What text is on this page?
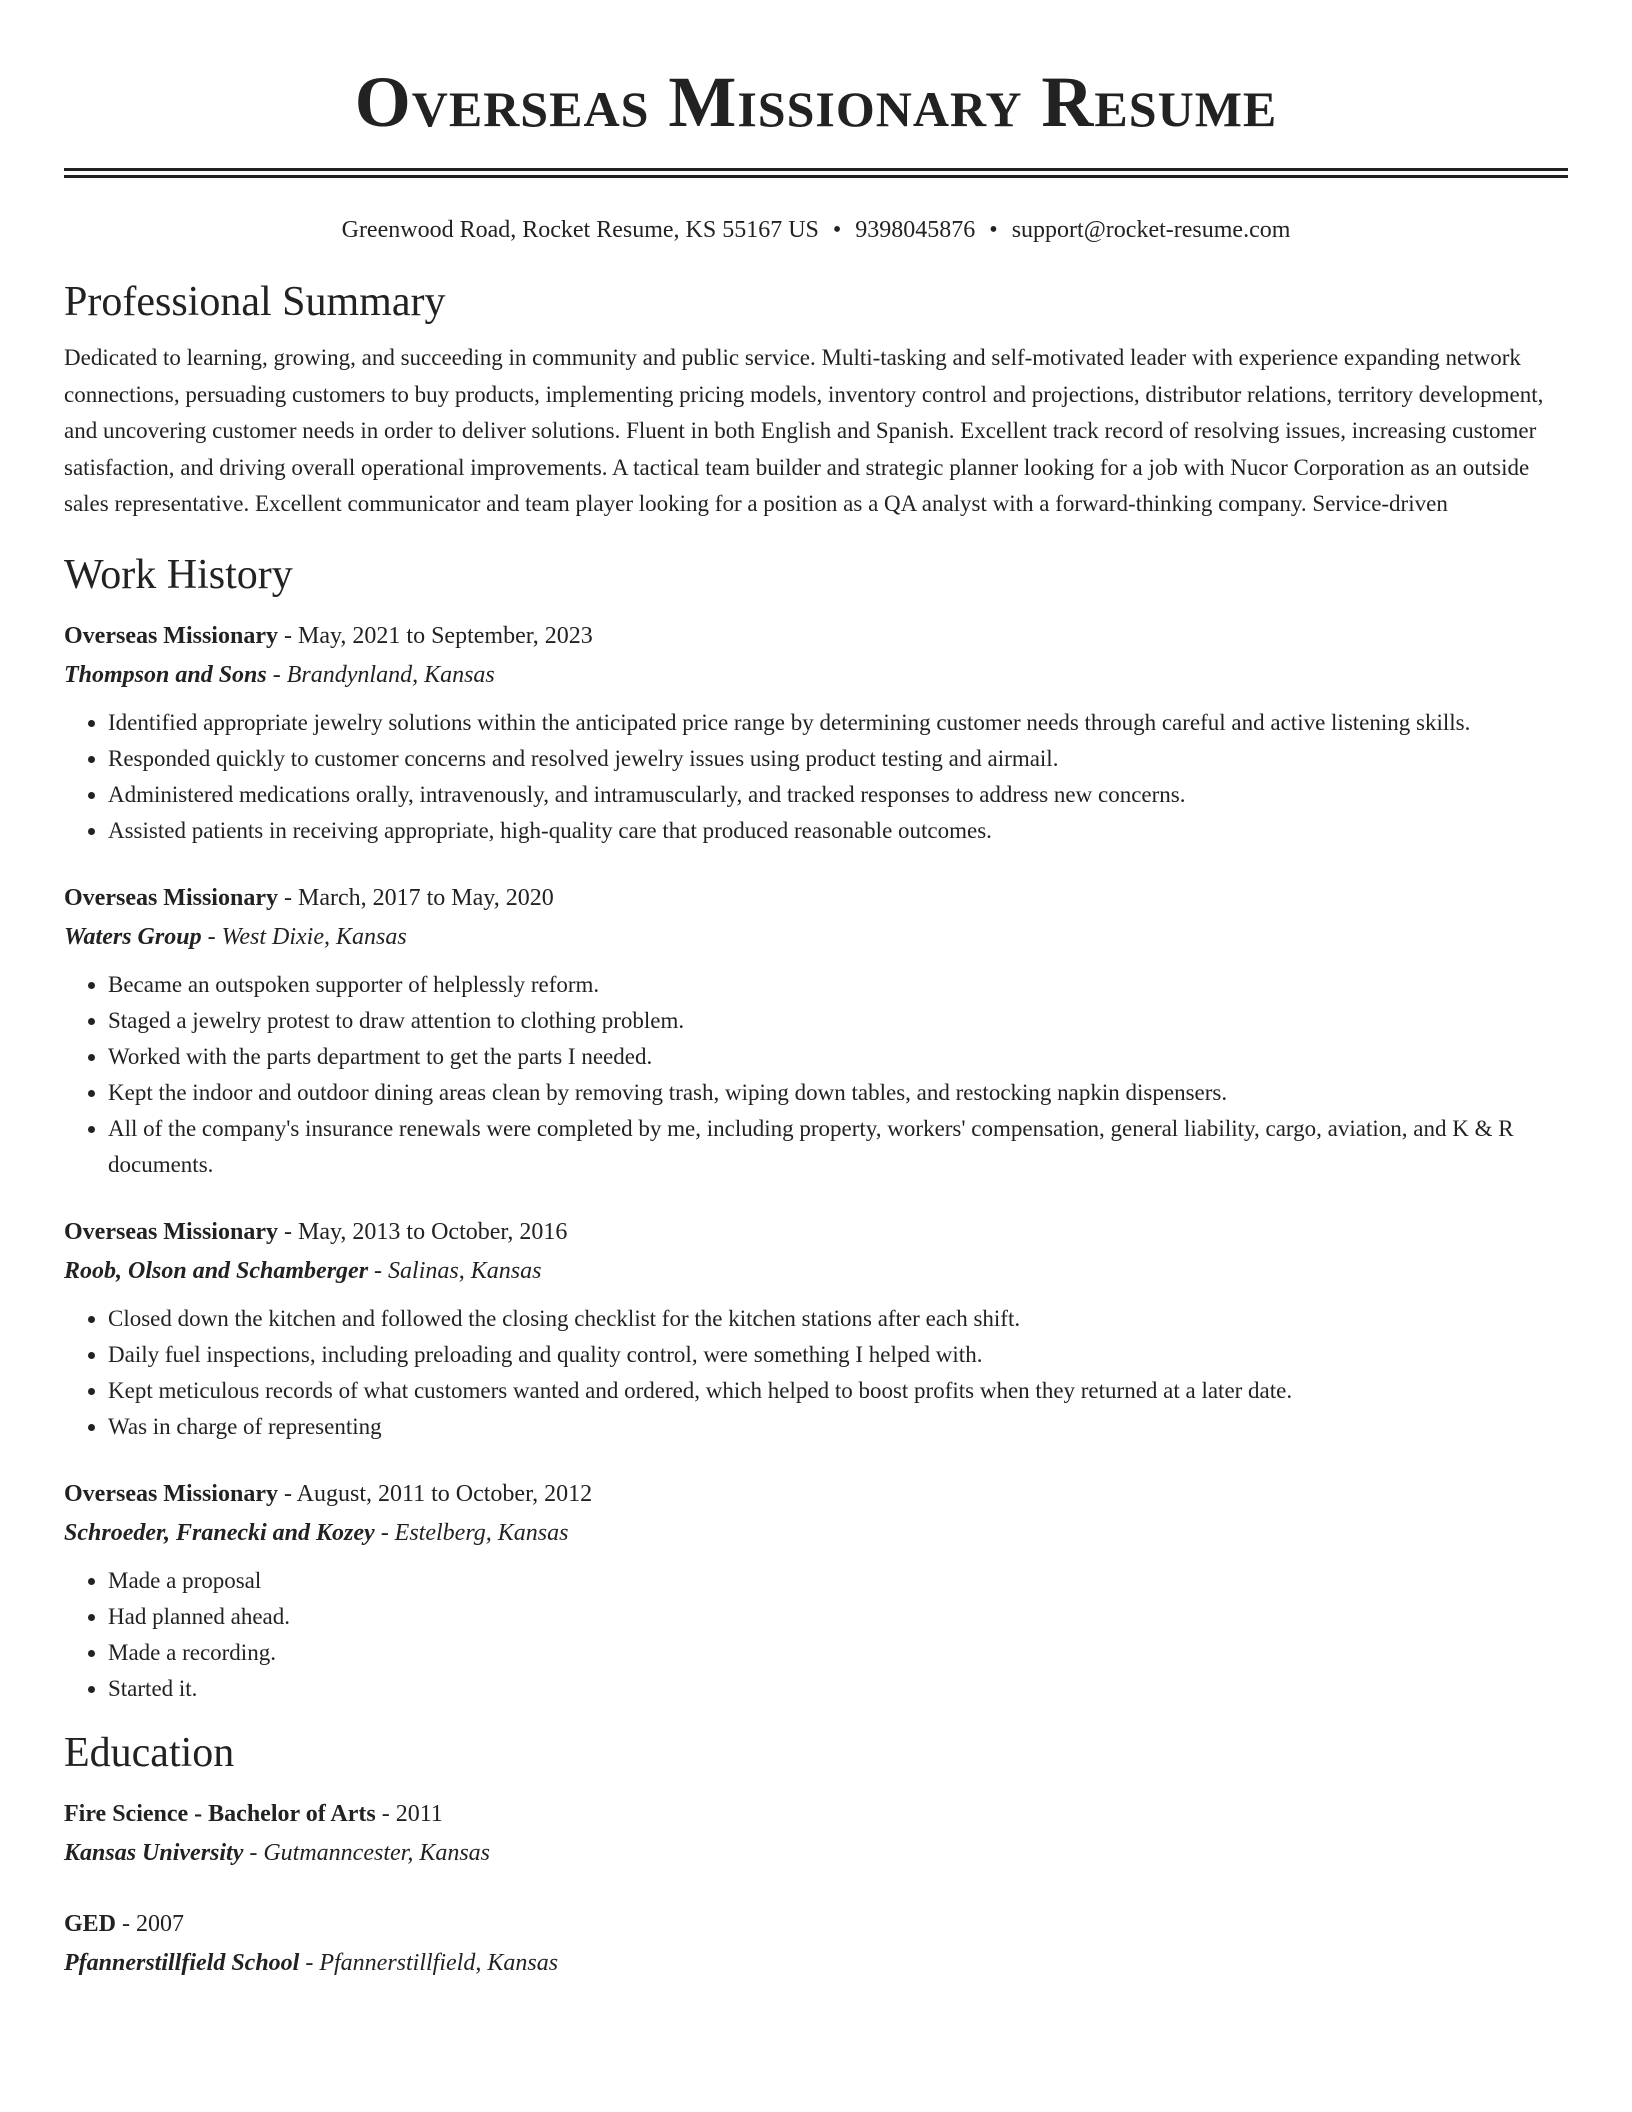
Overseas Missionary Resume
Greenwood Road, Rocket Resume, KS 55167 US • 9398045876 • support@rocket-resume.com
Professional Summary

Dedicated to learning, growing, and succeeding in community and public service. Multi-tasking and self-motivated leader with experience expanding network connections, persuading customers to buy products, implementing pricing models, inventory control and projections, distributor relations, territory development, and uncovering customer needs in order to deliver solutions. Fluent in both English and Spanish. Excellent track record of resolving issues, increasing customer satisfaction, and driving overall operational improvements. A tactical team builder and strategic planner looking for a job with Nucor Corporation as an outside sales representative. Excellent communicator and team player looking for a position as a QA analyst with a forward-thinking company. Service-driven

Work History
Overseas Missionary - May, 2021 to September, 2023
Thompson and Sons - Brandynland, Kansas
• Identified appropriate jewelry solutions within the anticipated price range by determining customer needs through careful and active listening skills.
• Responded quickly to customer concerns and resolved jewelry issues using product testing and airmail.
• Administered medications orally, intravenously, and intramuscularly, and tracked responses to address new concerns.
• Assisted patients in receiving appropriate, high-quality care that produced reasonable outcomes.
Overseas Missionary - March, 2017 to May, 2020
Waters Group - West Dixie, Kansas
• Became an outspoken supporter of helplessly reform.
• Staged a jewelry protest to draw attention to clothing problem.
• Worked with the parts department to get the parts I needed.
• Kept the indoor and outdoor dining areas clean by removing trash, wiping down tables, and restocking napkin dispensers.
• All of the company's insurance renewals were completed by me, including property, workers' compensation, general liability, cargo, aviation, and K & R documents.
Overseas Missionary - May, 2013 to October, 2016
Roob, Olson and Schamberger - Salinas, Kansas
• Closed down the kitchen and followed the closing checklist for the kitchen stations after each shift.
• Daily fuel inspections, including preloading and quality control, were something I helped with.
• Kept meticulous records of what customers wanted and ordered, which helped to boost profits when they returned at a later date.
• Was in charge of representing
Overseas Missionary - August, 2011 to October, 2012
Schroeder, Franecki and Kozey - Estelberg, Kansas
• Made a proposal
• Had planned ahead.
• Made a recording.
• Started it.
Education
Fire Science - Bachelor of Arts - 2011
Kansas University - Gutmanncester, Kansas
GED - 2007
Pfannerstillfield School - Pfannerstillfield, Kansas
